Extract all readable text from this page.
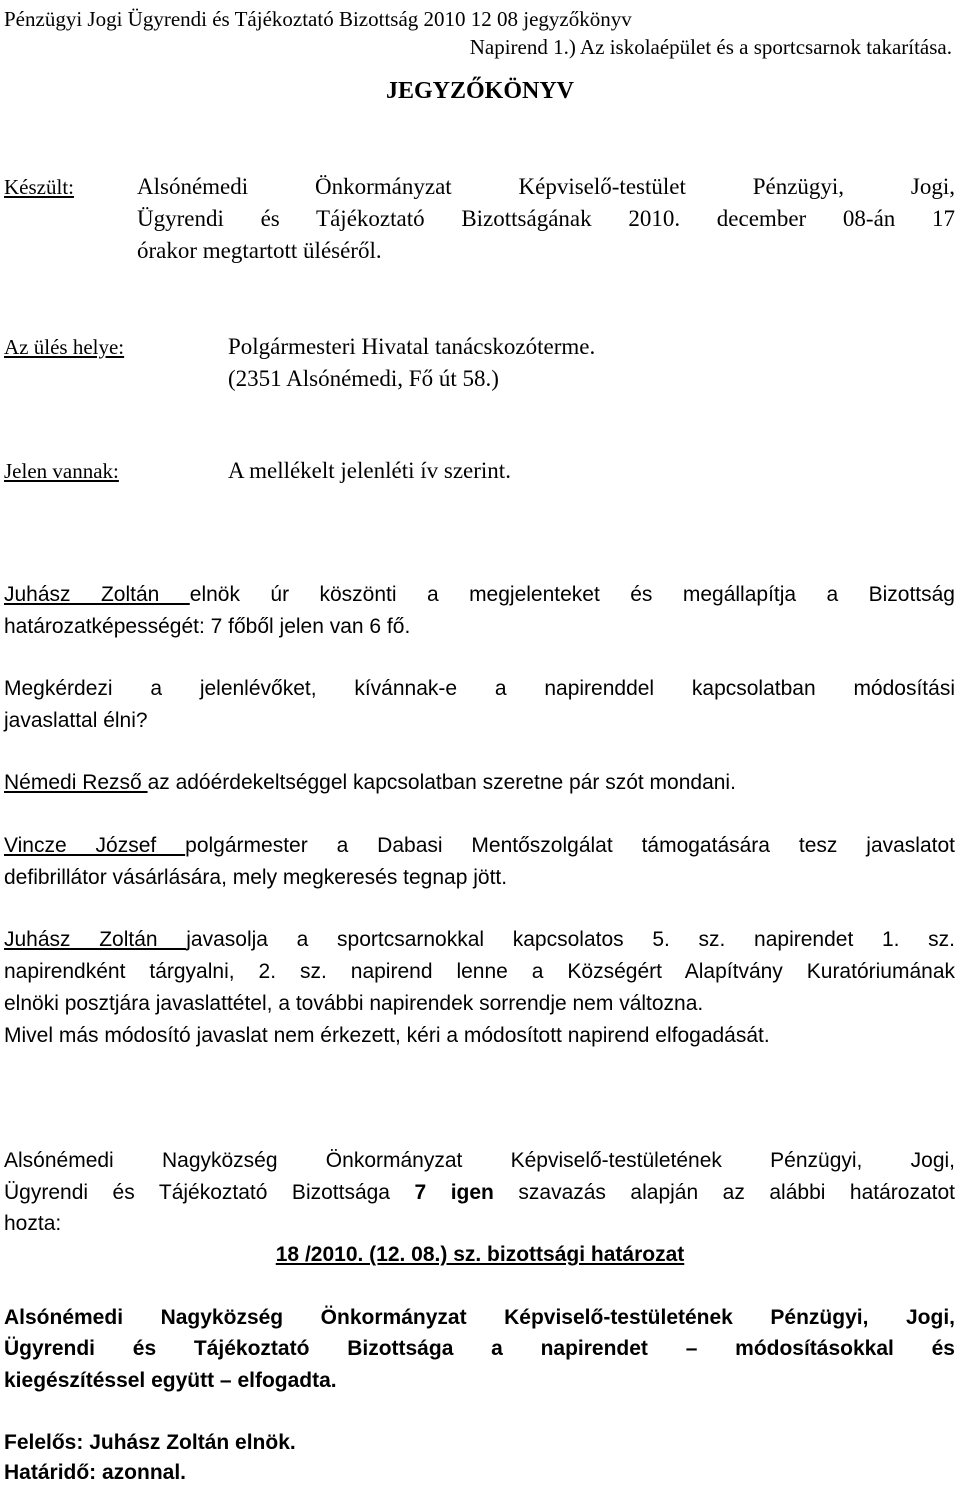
Pénzügyi Jogi Ügyrendi és Tájékoztató Bizottság 2010 12 08 jegyzőkönyv
Napirend 1.) Az iskolaépület és a sportcsarnok takarítása.
JEGYZŐKÖNYV
Készült:	Alsónémedi Önkormányzat Képviselő-testület Pénzügyi, Jogi,
Ügyrendi és Tájékoztató Bizottságának 2010. december 08-án 17
órakor megtartott üléséről.
Az ülés helye:	Polgármesteri Hivatal tanácskozóterme.
(2351 Alsónémedi, Fő út 58.)
Jelen vannak:	A mellékelt jelenléti ív szerint.
Juhász Zoltán elnök úr köszönti a megjelenteket és megállapítja a Bizottság
határozatképességét: 7 főből jelen van 6 fő.
Megkérdezi a jelenlévőket, kívánnak-e a napirenddel kapcsolatban módosítási
javaslattal élni?
Némedi Rezső az adóérdekeltséggel kapcsolatban szeretne pár szót mondani.
Vincze József polgármester a Dabasi Mentőszolgálat támogatására tesz javaslatot
defibrillátor vásárlására, mely megkeresés tegnap jött.
Juhász Zoltán javasolja a sportcsarnokkal kapcsolatos 5. sz. napirendet 1. sz.
napirendként tárgyalni, 2. sz. napirend lenne a Községért Alapítvány Kuratóriumának
elnöki posztjára javaslattétel, a további napirendek sorrendje nem változna.
Mivel más módosító javaslat nem érkezett, kéri a módosított napirend elfogadását.
Alsónémedi Nagyközség Önkormányzat Képviselő-testületének Pénzügyi, Jogi,
Ügyrendi és Tájékoztató Bizottsága 7 igen szavazás alapján az alábbi határozatot
hozta:
18 /2010. (12. 08.) sz. bizottsági határozat
Alsónémedi Nagyközség Önkormányzat Képviselő-testületének Pénzügyi, Jogi,
Ügyrendi és Tájékoztató Bizottsága a napirendet – módosításokkal és
kiegészítéssel együtt – elfogadta.
Felelős: Juhász Zoltán elnök.
Határidő: azonnal.
